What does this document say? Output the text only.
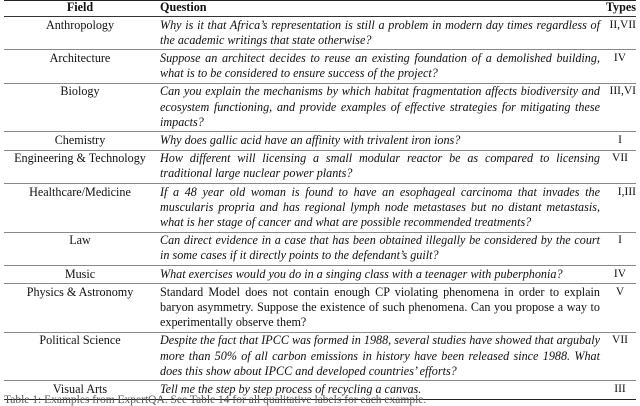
Field	Question	Types
Anthropology	Why is it that Africa’s representation is still a problem in modern day times regardless of the academic writings that state otherwise?	II,VII
Architecture	Suppose an architect decides to reuse an existing foundation of a demolished building, what is to be considered to ensure success of the project?	IV
Biology	Can you explain the mechanisms by which habitat fragmentation affects biodiversity and ecosystem functioning, and provide examples of effective strategies for mitigating these impacts?	III,VI
Chemistry	Why does gallic acid have an affinity with trivalent iron ions?	I
Engineering & Technology	How different will licensing a small modular reactor be as compared to licensing traditional large nuclear power plants?	VII
Healthcare/Medicine	If a 48 year old woman is found to have an esophageal carcinoma that invades the muscularis propria and has regional lymph node metastases but no distant metastasis, what is her stage of cancer and what are possible recommended treatments?	I,III
Law	Can direct evidence in a case that has been obtained illegally be considered by the court in some cases if it directly points to the defendant’s guilt?	I
Music	What exercises would you do in a singing class with a teenager with puberphonia?	IV
Physics & Astronomy	Standard Model does not contain enough CP violating phenomena in order to explain baryon asymmetry. Suppose the existence of such phenomena. Can you propose a way to experimentally observe them?	V
Political Science	Despite the fact that IPCC was formed in 1988, several studies have showed that argubaly more than 50% of all carbon emissions in history have been released since 1988. What does this show about IPCC and developed countries’ efforts?	VII
Visual Arts	Tell me the step by step process of recycling a canvas.	III
Table 1: Examples from ExpertQA. See Table 14 for all qualitative labels for each example.
